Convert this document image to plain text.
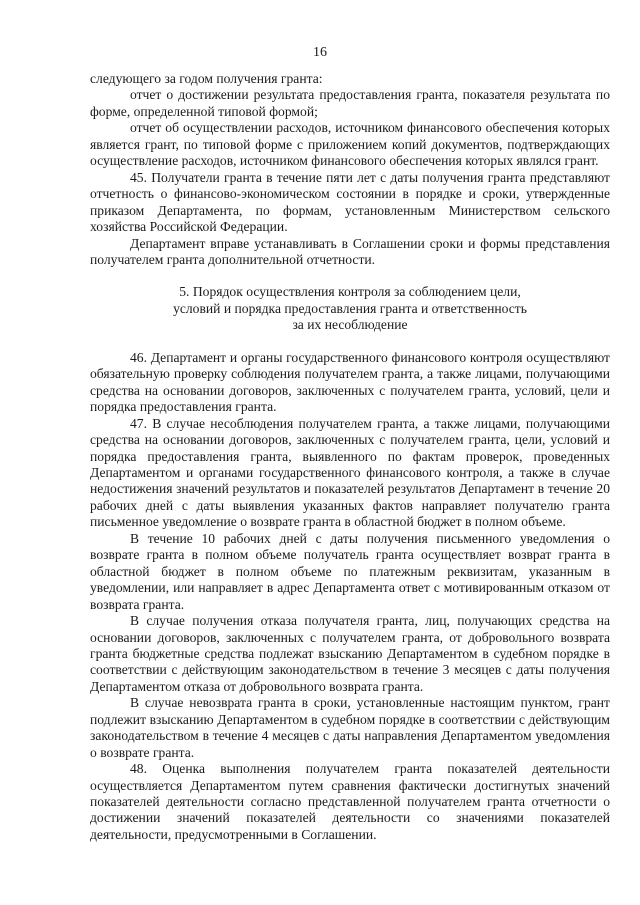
16

следующего за годом получения гранта:

отчет о достижении результата предоставления гранта, показателя результата по форме, определенной типовой формой;

отчет об осуществлении расходов, источником финансового обеспечения которых является грант, по типовой форме с приложением копий документов, подтверждающих осуществление расходов, источником финансового обеспечения которых являлся грант.

45. Получатели гранта в течение пяти лет с даты получения гранта представляют отчетность о финансово-экономическом состоянии в порядке и сроки, утвержденные приказом Департамента, по формам, установленным Министерством сельского хозяйства Российской Федерации.

Департамент вправе устанавливать в Соглашении сроки и формы представления получателем гранта дополнительной отчетности.

5. Порядок осуществления контроля за соблюдением цели,
условий и порядка предоставления гранта и ответственность
за их несоблюдение

46. Департамент и органы государственного финансового контроля осуществляют обязательную проверку соблюдения получателем гранта, а также лицами, получающими средства на основании договоров, заключенных с получателем гранта, условий, цели и порядка предоставления гранта.

47. В случае несоблюдения получателем гранта, а также лицами, получающими средства на основании договоров, заключенных с получателем гранта, цели, условий и порядка предоставления гранта, выявленного по фактам проверок, проведенных Департаментом и органами государственного финансового контроля, а также в случае недостижения значений результатов и показателей результатов Департамент в течение 20 рабочих дней с даты выявления указанных фактов направляет получателю гранта письменное уведомление о возврате гранта в областной бюджет в полном объеме.

В течение 10 рабочих дней с даты получения письменного уведомления о возврате гранта в полном объеме получатель гранта осуществляет возврат гранта в областной бюджет в полном объеме по платежным реквизитам, указанным в уведомлении, или направляет в адрес Департамента ответ с мотивированным отказом от возврата гранта.

В случае получения отказа получателя гранта, лиц, получающих средства на основании договоров, заключенных с получателем гранта, от добровольного возврата гранта бюджетные средства подлежат взысканию Департаментом в судебном порядке в соответствии с действующим законодательством в течение 3 месяцев с даты получения Департаментом отказа от добровольного возврата гранта.

В случае невозврата гранта в сроки, установленные настоящим пунктом, грант подлежит взысканию Департаментом в судебном порядке в соответствии с действующим законодательством в течение 4 месяцев с даты направления Департаментом уведомления о возврате гранта.

48. Оценка выполнения получателем гранта показателей деятельности осуществляется Департаментом путем сравнения фактически достигнутых значений показателей деятельности согласно представленной получателем гранта отчетности о достижении значений показателей деятельности со значениями показателей деятельности, предусмотренными в Соглашении.
